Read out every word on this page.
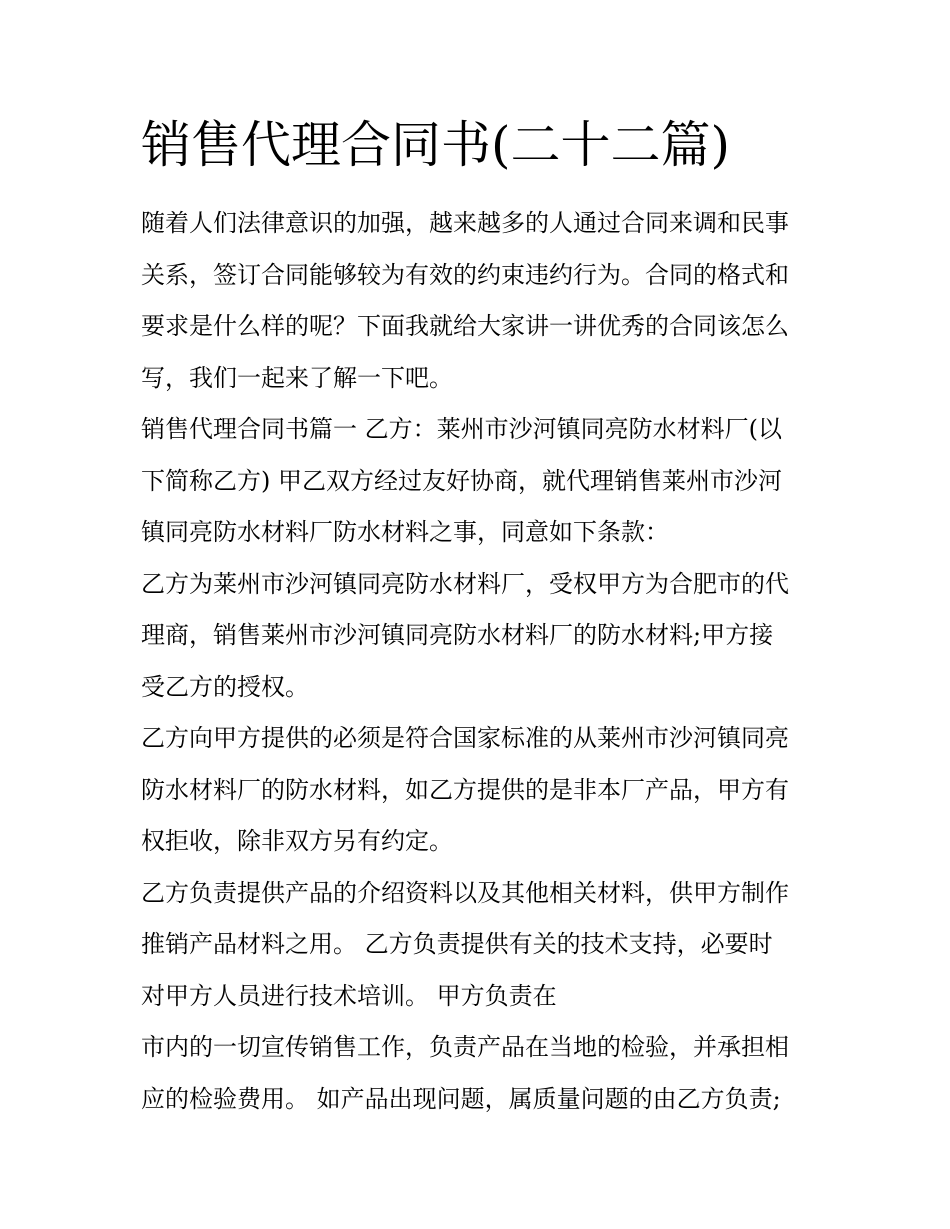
销售代理合同书(二十二篇)
随着人们法律意识的加强，越来越多的人通过合同来调和民事
关系，签订合同能够较为有效的约束违约行为。合同的格式和
要求是什么样的呢？下面我就给大家讲一讲优秀的合同该怎么
写，我们一起来了解一下吧。
销售代理合同书篇一 乙方：莱州市沙河镇同亮防水材料厂(以
下简称乙方) 甲乙双方经过友好协商，就代理销售莱州市沙河
镇同亮防水材料厂防水材料之事，同意如下条款：
乙方为莱州市沙河镇同亮防水材料厂，受权甲方为合肥市的代
理商，销售莱州市沙河镇同亮防水材料厂的防水材料;甲方接
受乙方的授权。
乙方向甲方提供的必须是符合国家标准的从莱州市沙河镇同亮
防水材料厂的防水材料，如乙方提供的是非本厂产品，甲方有
权拒收，除非双方另有约定。
乙方负责提供产品的介绍资料以及其他相关材料，供甲方制作
推销产品材料之用。 乙方负责提供有关的技术支持，必要时
对甲方人员进行技术培训。 甲方负责在
市内的一切宣传销售工作，负责产品在当地的检验，并承担相
应的检验费用。 如产品出现问题，属质量问题的由乙方负责;
